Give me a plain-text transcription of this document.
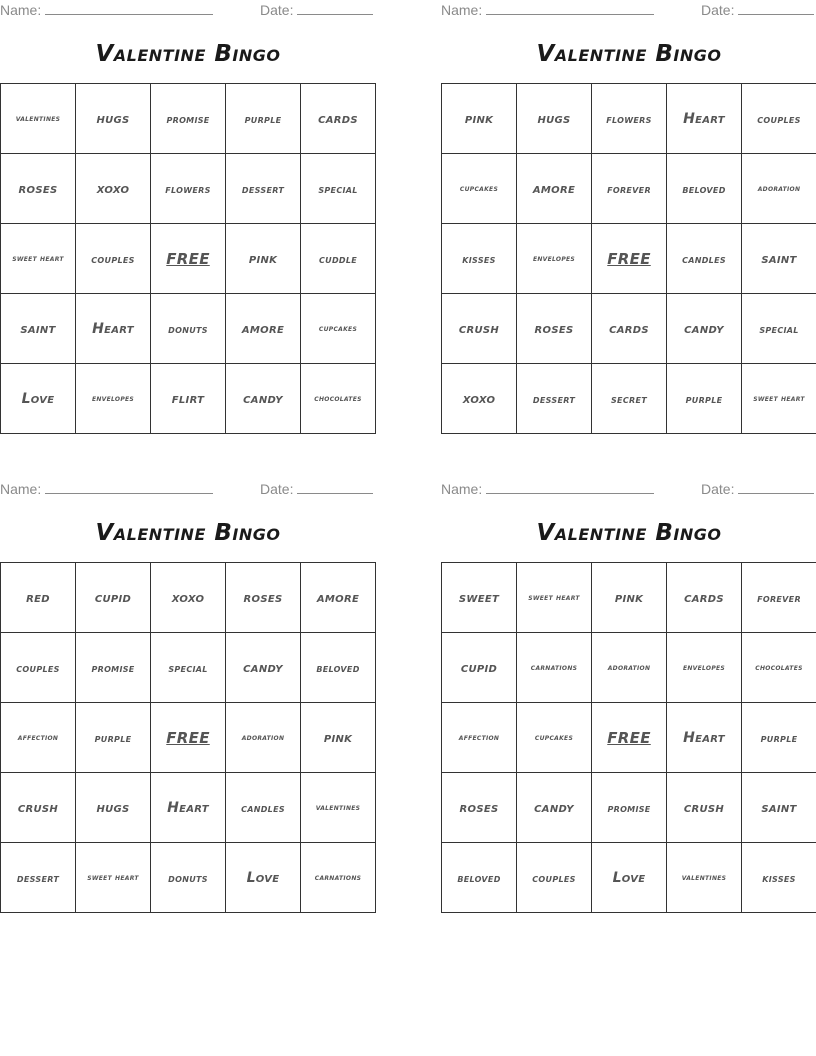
Name:	Date:
Valentine Bingo
valentines	hugs	promise	purple	cards
roses	xoxo	flowers	dessert	special
sweet heart	couples	FREE	pink	cuddle
saint	Heart	donuts	amore	cupcakes
Love	envelopes	flirt	candy	chocolates
Name:	Date:
Valentine Bingo
pink	hugs	flowers	Heart	couples
cupcakes	amore	forever	beloved	adoration
kisses	envelopes	FREE	candles	saint
crush	roses	cards	candy	special
xoxo	dessert	secret	purple	sweet heart
Name:	Date:
Valentine Bingo
red	cupid	xoxo	roses	amore
couples	promise	special	candy	beloved
affection	purple	FREE	adoration	pink
crush	hugs	Heart	candles	valentines
dessert	sweet heart	donuts	Love	carnations
Name:	Date:
Valentine Bingo
sweet	sweet heart	pink	cards	forever
cupid	carnations	adoration	envelopes	chocolates
affection	cupcakes	FREE	Heart	purple
roses	candy	promise	crush	saint
beloved	couples	Love	valentines	kisses
